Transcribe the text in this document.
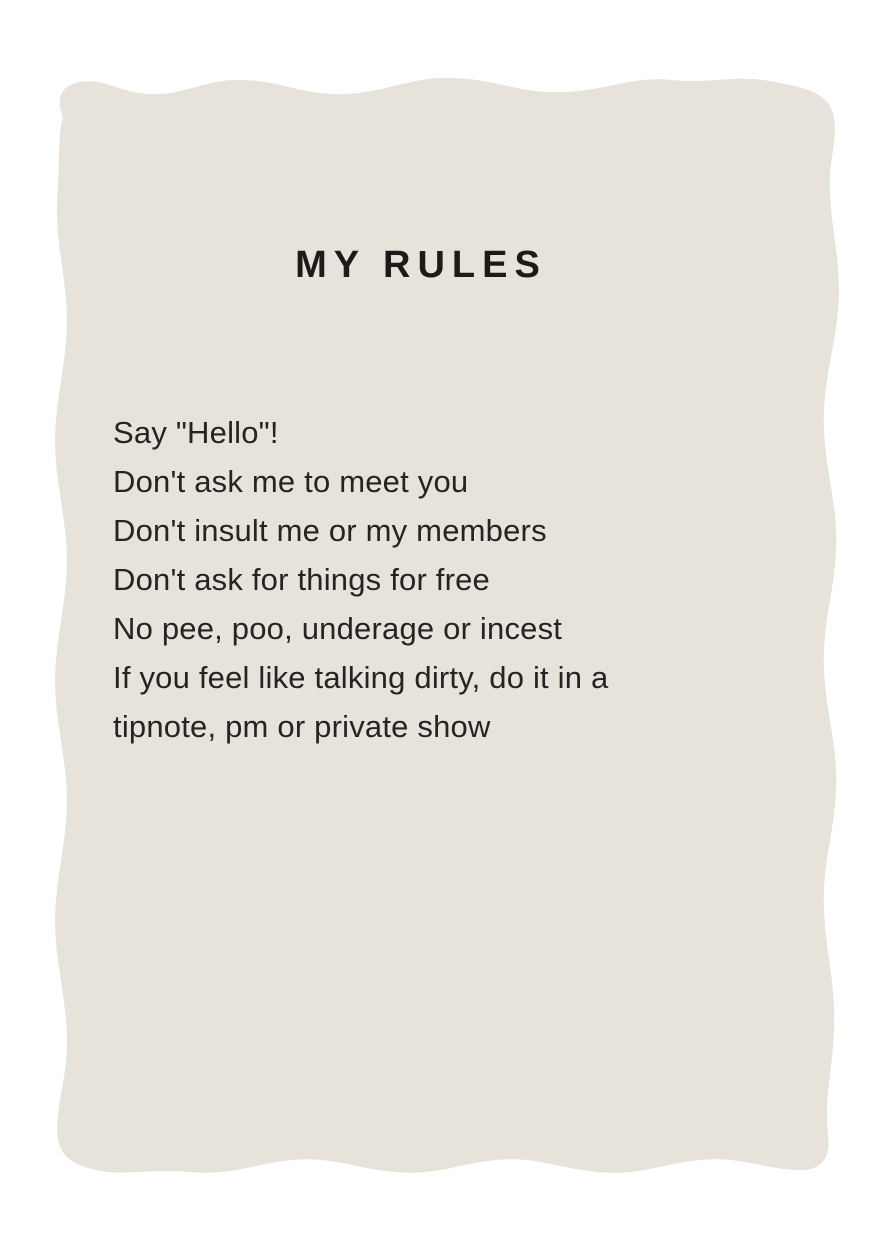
MY RULES
Say "Hello"!
Don't ask me to meet you
Don't insult me or my members
Don't ask for things for free
No pee, poo, underage or incest
If you feel like talking dirty, do it in a
tipnote, pm or private show
